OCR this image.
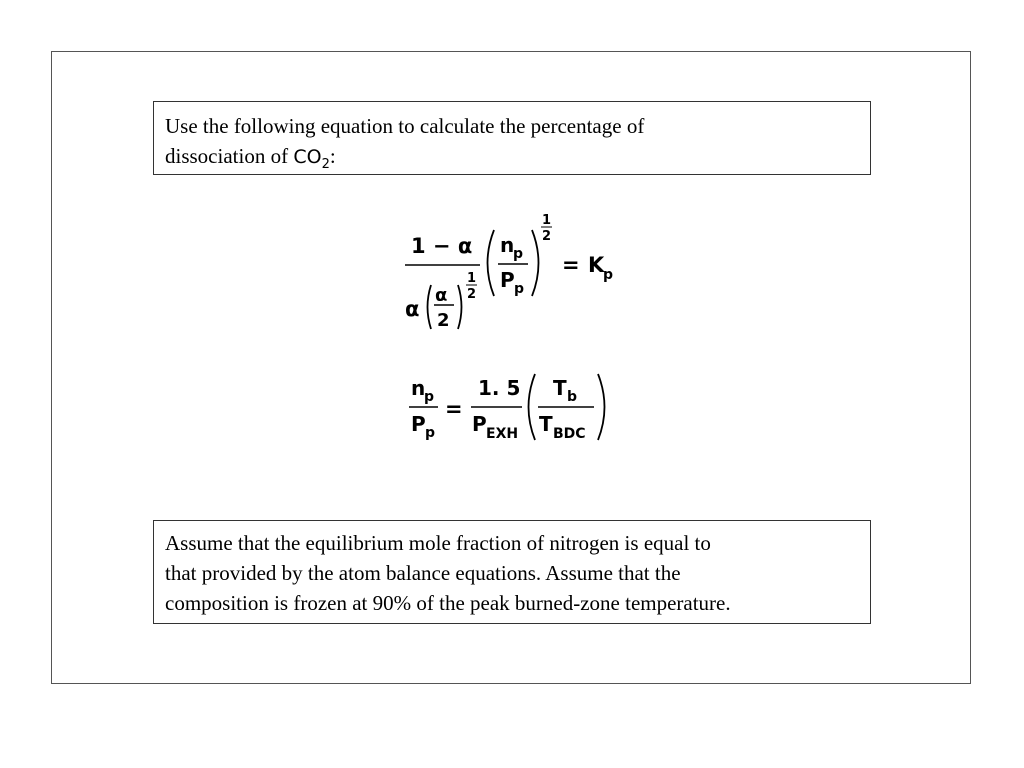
Use the following equation to calculate the percentage of
dissociation of $CO_2$:
1 − α
α
α
2
1
2
n
p
P p
1
2
= K
p
n
p
P p
=
1. 5
P EXH
T b
T BDC
Assume that the equilibrium mole fraction of nitrogen is equal to
that provided by the atom balance equations. Assume that the
composition is frozen at 90% of the peak burned-zone temperature.
